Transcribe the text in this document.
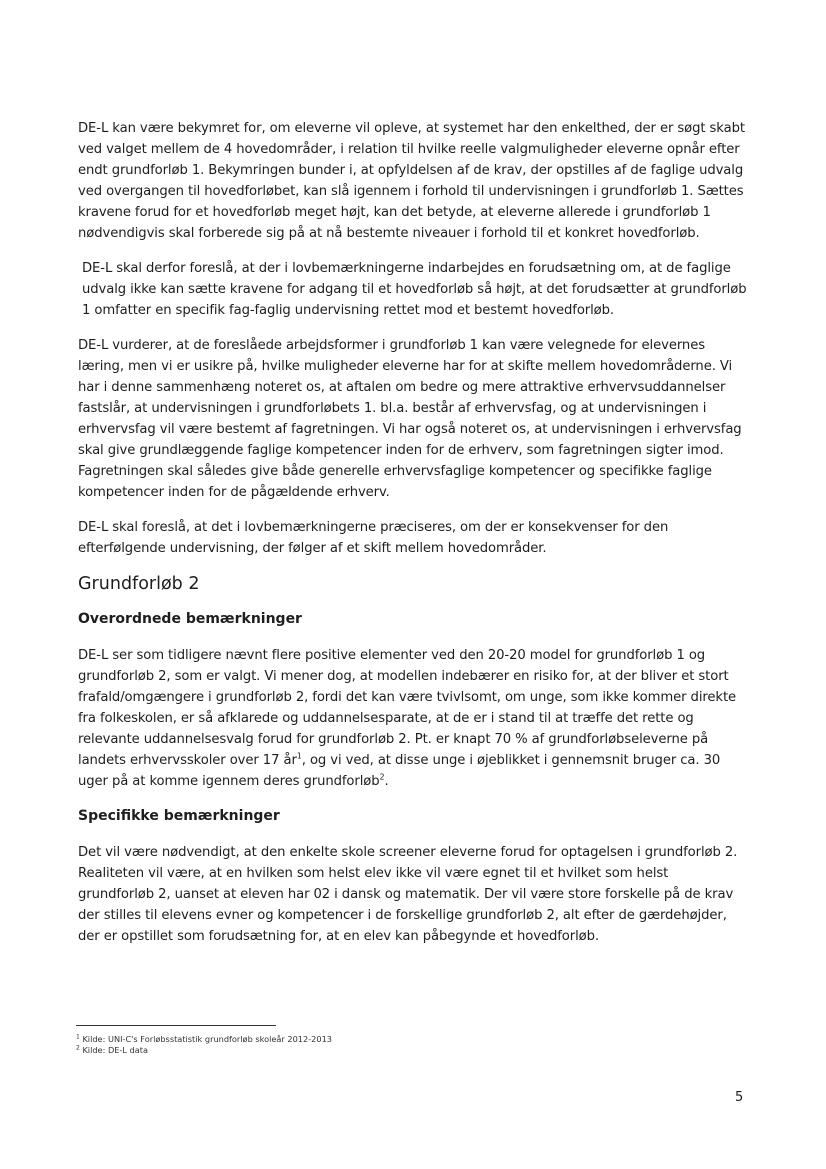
DE-L kan være bekymret for, om eleverne vil opleve, at systemet har den enkelthed, der er søgt skabt ved valget mellem de 4 hovedområder, i relation til hvilke reelle valgmuligheder eleverne opnår efter endt grundforløb 1. Bekymringen bunder i, at opfyldelsen af de krav, der opstilles af de faglige udvalg ved overgangen til hovedforløbet, kan slå igennem i forhold til undervisningen i grundforløb 1. Sættes kravene forud for et hovedforløb meget højt, kan det betyde, at eleverne allerede i grundforløb 1 nødvendigvis skal forberede sig på at nå bestemte niveauer i forhold til et konkret hovedforløb.

DE-L skal derfor foreslå, at der i lovbemærkningerne indarbejdes en forudsætning om, at de faglige udvalg ikke kan sætte kravene for adgang til et hovedforløb så højt, at det forudsætter at grundforløb 1 omfatter en specifik fag-faglig undervisning rettet mod et bestemt hovedforløb.

DE-L vurderer, at de foreslåede arbejdsformer i grundforløb 1 kan være velegnede for elevernes læring, men vi er usikre på, hvilke muligheder eleverne har for at skifte mellem hovedområderne. Vi har i denne sammenhæng noteret os, at aftalen om bedre og mere attraktive erhvervsuddannelser fastslår, at undervisningen i grundforløbets 1. bl.a. består af erhvervsfag, og at undervisningen i erhvervsfag vil være bestemt af fagretningen. Vi har også noteret os, at undervisningen i erhvervsfag skal give grundlæggende faglige kompetencer inden for de erhverv, som fagretningen sigter imod. Fagretningen skal således give både generelle erhvervsfaglige kompetencer og specifikke faglige kompetencer inden for de pågældende erhverv.

DE-L skal foreslå, at det i lovbemærkningerne præciseres, om der er konsekvenser for den efterfølgende undervisning, der følger af et skift mellem hovedområder.

Grundforløb 2
Overordnede bemærkninger

DE-L ser som tidligere nævnt flere positive elementer ved den 20-20 model for grundforløb 1 og grundforløb 2, som er valgt. Vi mener dog, at modellen indebærer en risiko for, at der bliver et stort frafald/omgængere i grundforløb 2, fordi det kan være tvivlsomt, om unge, som ikke kommer direkte fra folkeskolen, er så afklarede og uddannelsesparate, at de er i stand til at træffe det rette og relevante uddannelsesvalg forud for grundforløb 2. Pt. er knapt 70 % af grundforløbseleverne på landets erhvervsskoler over 17 $år^1$, og vi ved, at disse unge i øjeblikket i gennemsnit bruger ca. 30 uger på at komme igennem deres grundforløb$^2$.

Specifikke bemærkninger

Det vil være nødvendigt, at den enkelte skole screener eleverne forud for optagelsen i grundforløb 2. Realiteten vil være, at en hvilken som helst elev ikke vil være egnet til et hvilket som helst grundforløb 2, uanset at eleven har 02 i dansk og matematik. Der vil være store forskelle på de krav der stilles til elevens evner og kompetencer i de forskellige grundforløb 2, alt efter de gærdehøjder, der er opstillet som forudsætning for, at en elev kan påbegynde et hovedforløb.

$^1$ Kilde: UNI-C's Forløbsstatistik grundforløb skoleår 2012-2013
$^2$ Kilde: DE-L data
5
